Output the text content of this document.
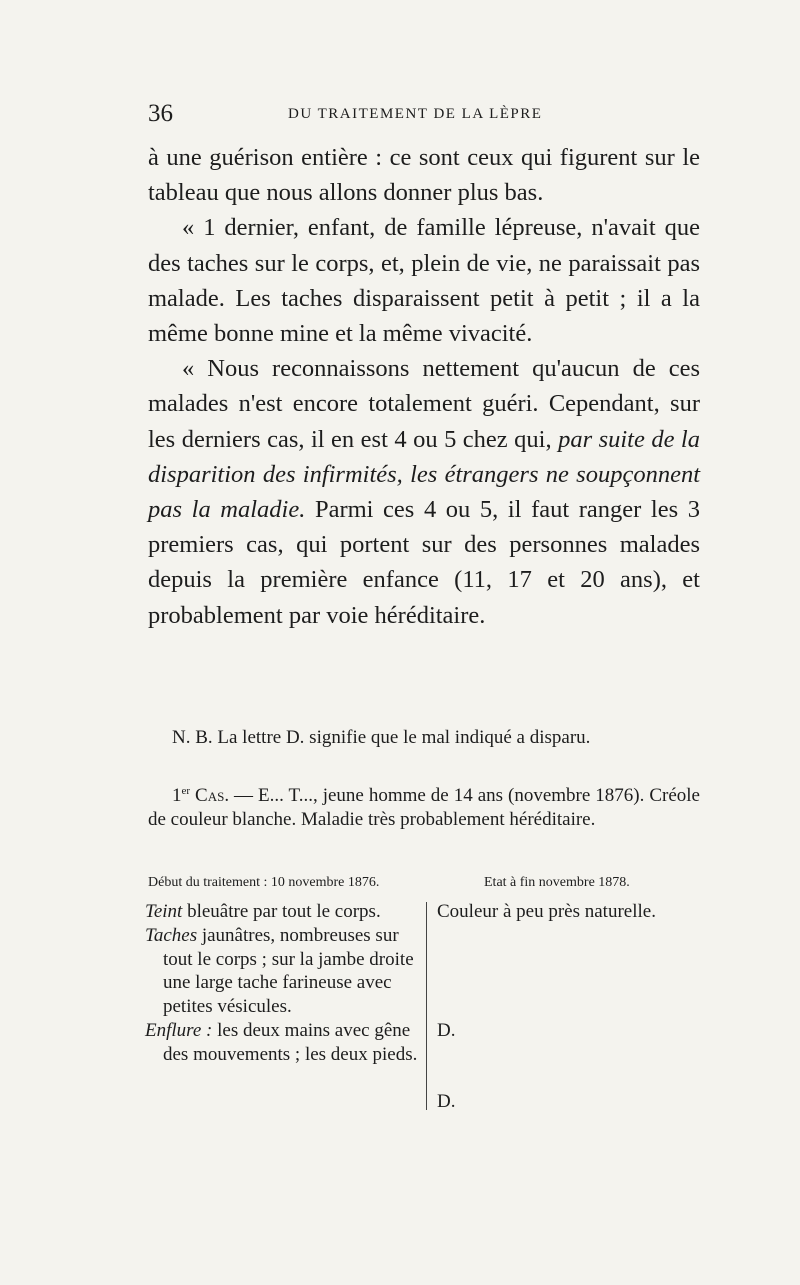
36	DU TRAITEMENT DE LA LÈPRE

à une guérison entière : ce sont ceux qui figurent sur le tableau que nous allons donner plus bas.

« 1 dernier, enfant, de famille lépreuse, n'avait que des taches sur le corps, et, plein de vie, ne paraissait pas malade. Les taches disparaissent petit à petit ; il a la même bonne mine et la même vivacité.

« Nous reconnaissons nettement qu'aucun de ces malades n'est encore totalement guéri. Cependant, sur les derniers cas, il en est 4 ou 5 chez qui, par suite de la disparition des infirmités, les étrangers ne soupçonnent pas la maladie. Parmi ces 4 ou 5, il faut ranger les 3 premiers cas, qui portent sur des personnes malades depuis la première enfance (11, 17 et 20 ans), et probablement par voie héréditaire.

N. B. La lettre D. signifie que le mal indiqué a disparu.

1er Cas. — E... T..., jeune homme de 14 ans (novembre 1876). Créole de couleur blanche. Maladie très probablement héréditaire.

Début du traitement : 10 novembre 1876.	Etat à fin novembre 1878.

Teint bleuâtre par tout le corps.

Taches jaunâtres, nombreuses sur tout le corps ; sur la jambe droite une large tache farineuse avec petites vésicules.

Enflure : les deux mains avec gêne des mouvements ; les deux pieds.

Couleur à peu près naturelle.
D.
D.
